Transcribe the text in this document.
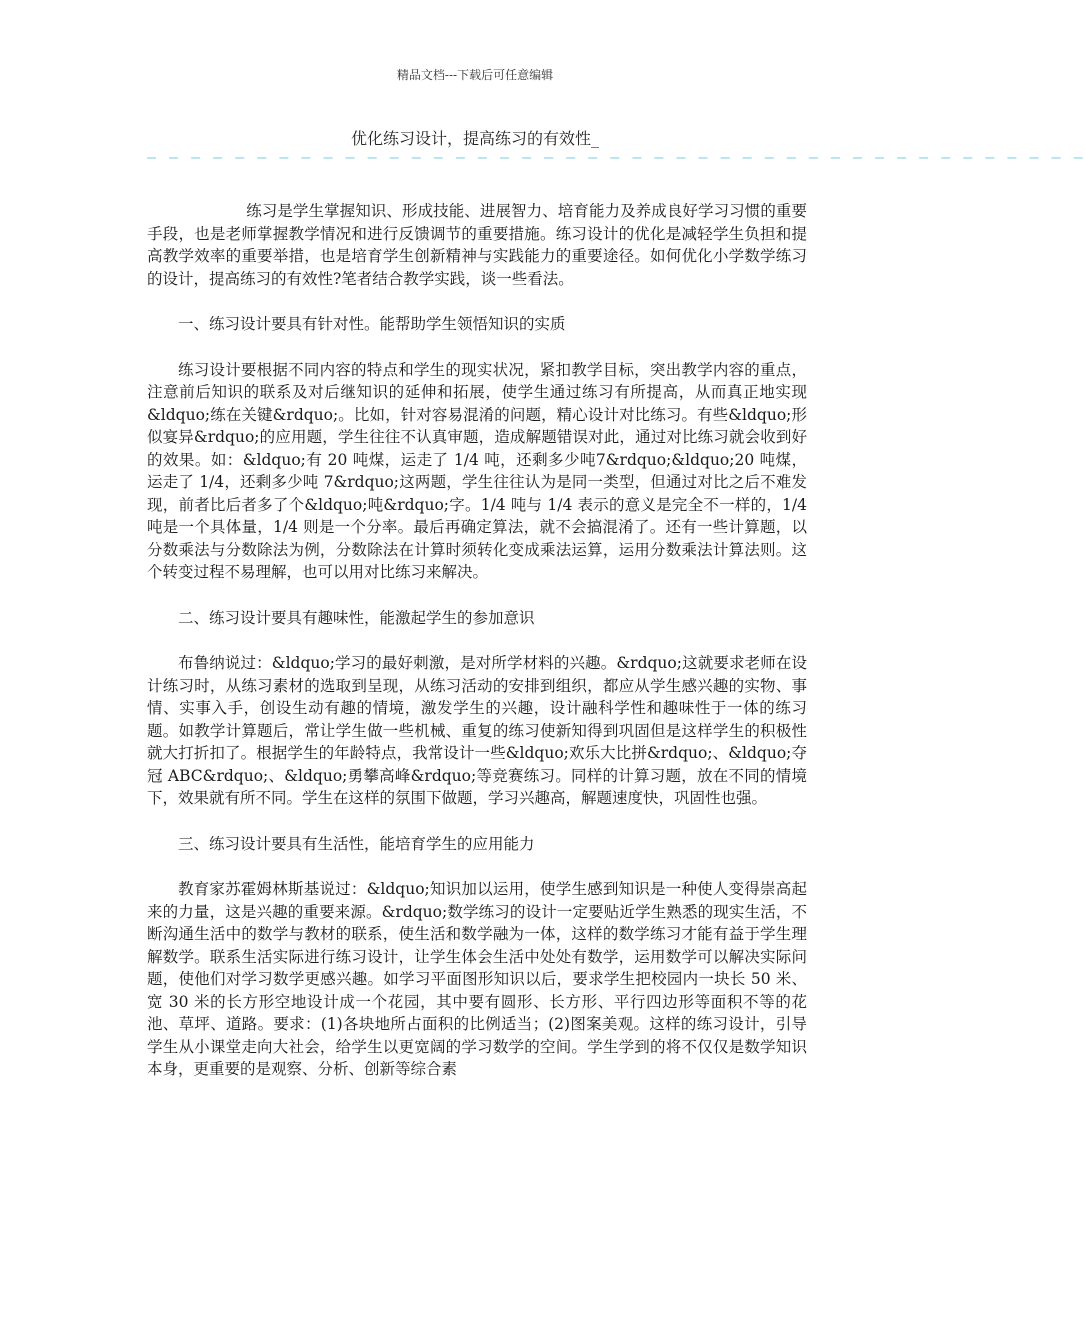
精品文档---下载后可任意编辑
优化练习设计，提高练习的有效性_
— — — — — — — — — — — — — — — — — — — — — — — — — — — — — — — — — — — — — — — — — — —

练习是学生掌握知识、形成技能、进展智力、培育能力及养成良好学习习惯的重要手段，也是老师掌握教学情况和进行反馈调节的重要措施。练习设计的优化是减轻学生负担和提高教学效率的重要举措，也是培育学生创新精神与实践能力的重要途径。如何优化小学数学练习的设计，提高练习的有效性?笔者结合教学实践，谈一些看法。

一、练习设计要具有针对性。能帮助学生领悟知识的实质

练习设计要根据不同内容的特点和学生的现实状况，紧扣教学目标，突出教学内容的重点，注意前后知识的联系及对后继知识的延伸和拓展，使学生通过练习有所提高，从而真正地实现&ldquo;练在关键&rdquo;。比如，针对容易混淆的问题，精心设计对比练习。有些&ldquo;形似宴异&rdquo;的应用题，学生往往不认真审题，造成解题错误对此，通过对比练习就会收到好的效果。如：&ldquo;有 20 吨煤，运走了 1/4 吨，还剩多少吨7&rdquo;&ldquo;20 吨煤，运走了 1/4，还剩多少吨 7&rdquo;这两题，学生往往认为是同一类型，但通过对比之后不难发现，前者比后者多了个&ldquo;吨&rdquo;字。1/4 吨与 1/4 表示的意义是完全不一样的，1/4 吨是一个具体量，1/4 则是一个分率。最后再确定算法，就不会搞混淆了。还有一些计算题，以分数乘法与分数除法为例，分数除法在计算时须转化变成乘法运算，运用分数乘法计算法则。这个转变过程不易理解，也可以用对比练习来解决。

二、练习设计要具有趣味性，能激起学生的参加意识

布鲁纳说过：&ldquo;学习的最好刺激，是对所学材料的兴趣。&rdquo;这就要求老师在设计练习时，从练习素材的选取到呈现，从练习活动的安排到组织，都应从学生感兴趣的实物、事情、实事入手，创设生动有趣的情境，激发学生的兴趣，设计融科学性和趣味性于一体的练习题。如教学计算题后，常让学生做一些机械、重复的练习使新知得到巩固但是这样学生的积极性就大打折扣了。根据学生的年龄特点，我常设计一些&ldquo;欢乐大比拼&rdquo;、&ldquo;夺冠 ABC&rdquo;、&ldquo;勇攀高峰&rdquo;等竞赛练习。同样的计算习题，放在不同的情境下，效果就有所不同。学生在这样的氛围下做题，学习兴趣高，解题速度快，巩固性也强。

三、练习设计要具有生活性，能培育学生的应用能力

教育家苏霍姆林斯基说过：&ldquo;知识加以运用，使学生感到知识是一种使人变得崇高起来的力量，这是兴趣的重要来源。&rdquo;数学练习的设计一定要贴近学生熟悉的现实生活，不断沟通生活中的数学与教材的联系，使生活和数学融为一体，这样的数学练习才能有益于学生理解数学。联系生活实际进行练习设计，让学生体会生活中处处有数学，运用数学可以解决实际问题，使他们对学习数学更感兴趣。如学习平面图形知识以后，要求学生把校园内一块长 50 米、宽 30 米的长方形空地设计成一个花园，其中要有圆形、长方形、平行四边形等面积不等的花池、草坪、道路。要求：(1)各块地所占面积的比例适当；(2)图案美观。这样的练习设计，引导学生从小课堂走向大社会，给学生以更宽阔的学习数学的空间。学生学到的将不仅仅是数学知识本身，更重要的是观察、分析、创新等综合素
